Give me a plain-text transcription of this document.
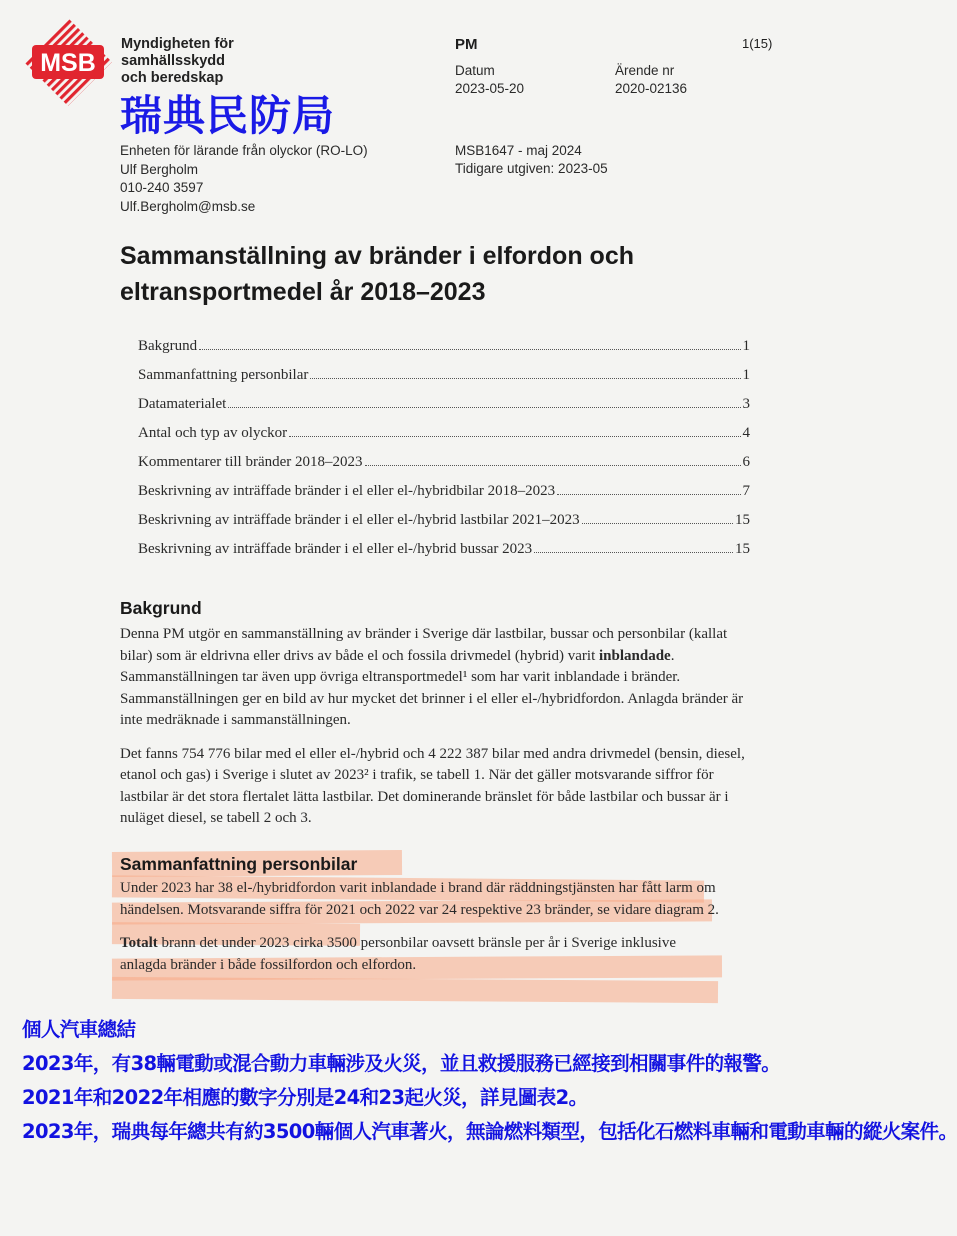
MSB
Myndigheten för
samhällsskydd
och beredskap
瑞典民防局
Enheten för lärande från olyckor (RO-LO)
Ulf Bergholm
010-240 3597
Ulf.Bergholm@msb.se
PM	1(15)
Datum
2023-05-20
Ärende nr
2020-02136
MSB1647 - maj 2024
Tidigare utgiven: 2023-05
Sammanställning av bränder i elfordon och eltransportmedel år 2018–2023
Bakgrund	1
Sammanfattning personbilar	1
Datamaterialet	3
Antal och typ av olyckor	4
Kommentarer till bränder 2018–2023	6
Beskrivning av inträffade bränder i el eller el-/hybridbilar 2018–2023	7
Beskrivning av inträffade bränder i el eller el-/hybrid lastbilar 2021–2023	15
Beskrivning av inträffade bränder i el eller el-/hybrid bussar 2023	15
Bakgrund

Denna PM utgör en sammanställning av bränder i Sverige där lastbilar, bussar och personbilar (kallat bilar) som är eldrivna eller drivs av både el och fossila drivmedel (hybrid) varit inblandade. Sammanställningen tar även upp övriga eltransportmedel¹ som har varit inblandade i bränder. Sammanställningen ger en bild av hur mycket det brinner i el eller el-/hybridfordon. Anlagda bränder är inte medräknade i sammanställningen.

Det fanns 754 776 bilar med el eller el-/hybrid och 4 222 387 bilar med andra drivmedel (bensin, diesel, etanol och gas) i Sverige i slutet av 2023² i trafik, se tabell 1. När det gäller motsvarande siffror för lastbilar är det stora flertalet lätta lastbilar. Det dominerande bränslet för både lastbilar och bussar är i nuläget diesel, se tabell 2 och 3.

Sammanfattning personbilar

Under 2023 har 38 el-/hybridfordon varit inblandade i brand där räddningstjänsten har fått larm om händelsen. Motsvarande siffra för 2021 och 2022 var 24 respektive 23 bränder, se vidare diagram 2.

Totalt brann det under 2023 cirka 3500 personbilar oavsett bränsle per år i Sverige inklusive anlagda bränder i både fossilfordon och elfordon.

個人汽車總結
2023年，有38輛電動或混合動力車輛涉及火災，並且救援服務已經接到相關事件的報警。
2021年和2022年相應的數字分別是24和23起火災，詳見圖表2。
2023年，瑞典每年總共有約3500輛個人汽車著火，無論燃料類型，包括化石燃料車輛和電動車輛的縱火案件。
